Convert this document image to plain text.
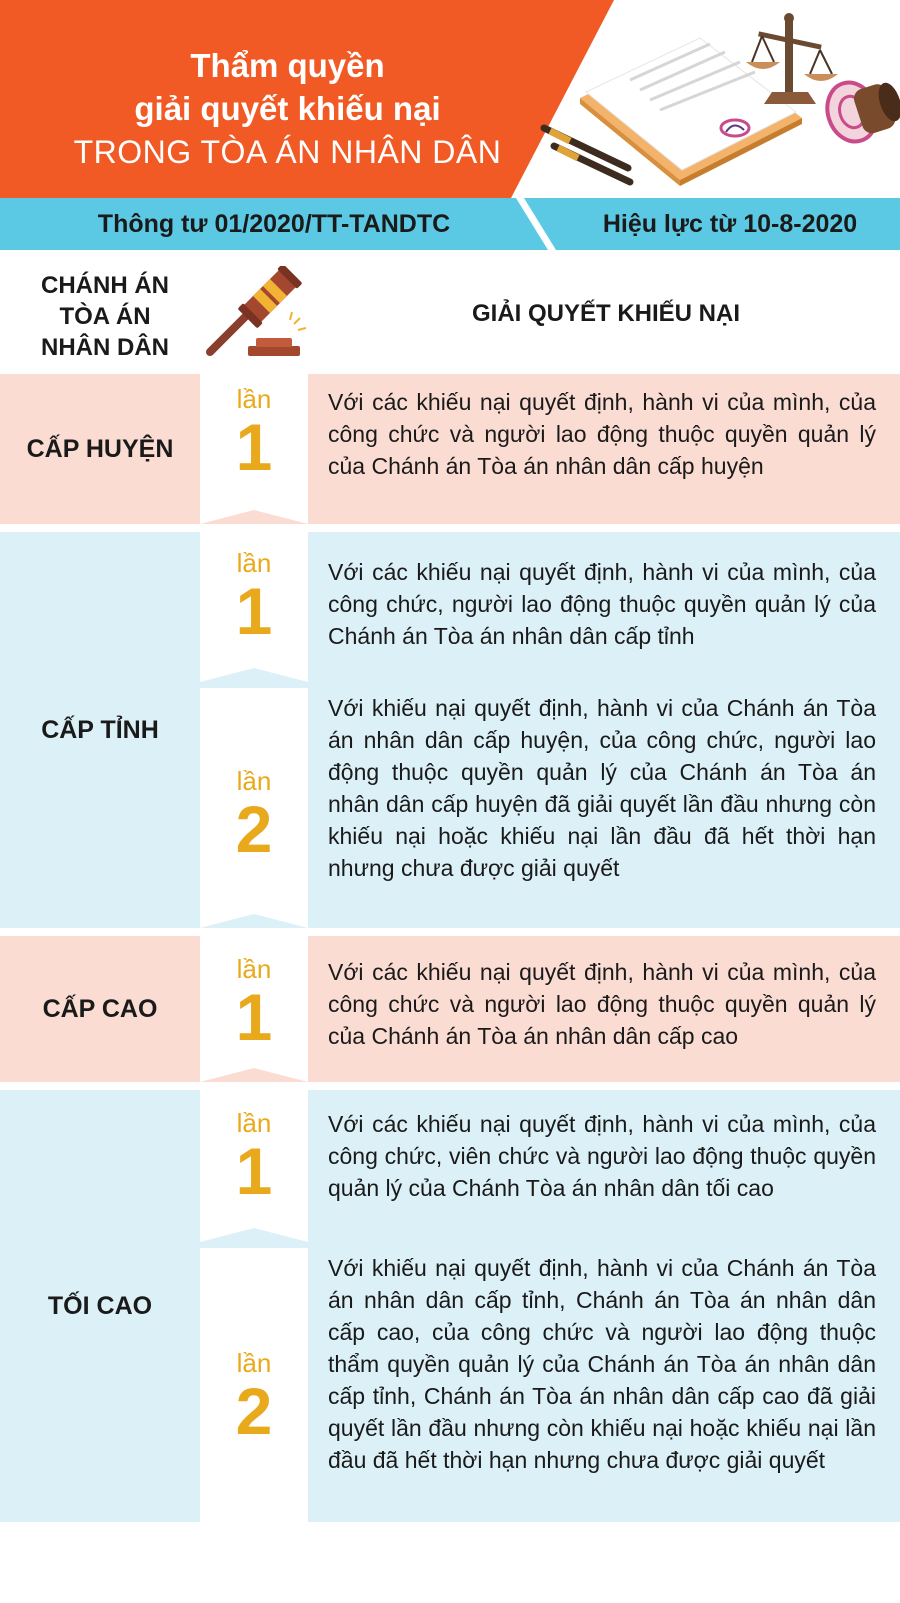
Thẩm quyền
giải quyết khiếu nại
TRONG TÒA ÁN NHÂN DÂN
Thông tư 01/2020/TT-TANDTC	Hiệu lực từ 10-8-2020
CHÁNH ÁN
TÒA ÁN
NHÂN DÂN
GIẢI QUYẾT KHIẾU NẠI
CẤP HUYỆN
lần
1
Với các khiếu nại quyết định, hành vi của mình, của công chức và người lao động thuộc quyền quản lý của Chánh án Tòa án nhân dân cấp huyện
CẤP TỈNH
lần
1
Với các khiếu nại quyết định, hành vi của mình, của công chức, người lao động thuộc quyền quản lý của Chánh án Tòa án nhân dân cấp tỉnh
lần
2
Với khiếu nại quyết định, hành vi của Chánh án Tòa án nhân dân cấp huyện, của công chức, người lao động thuộc quyền quản lý của Chánh án Tòa án nhân dân cấp huyện đã giải quyết lần đầu nhưng còn khiếu nại hoặc khiếu nại lần đầu đã hết thời hạn nhưng chưa được giải quyết
CẤP CAO
lần
1
Với các khiếu nại quyết định, hành vi của mình, của công chức và người lao động thuộc quyền quản lý của Chánh án Tòa án nhân dân cấp cao
TỐI CAO
lần
1
Với các khiếu nại quyết định, hành vi của mình, của công chức, viên chức và người lao động thuộc quyền quản lý của Chánh Tòa án nhân dân tối cao
lần
2
Với khiếu nại quyết định, hành vi của Chánh án Tòa án nhân dân cấp tỉnh, Chánh án Tòa án nhân dân cấp cao, của công chức và người lao động thuộc thẩm quyền quản lý của Chánh án Tòa án nhân dân cấp tỉnh, Chánh án Tòa án nhân dân cấp cao đã giải quyết lần đầu nhưng còn khiếu nại hoặc khiếu nại lần đầu đã hết thời hạn nhưng chưa được giải quyết
